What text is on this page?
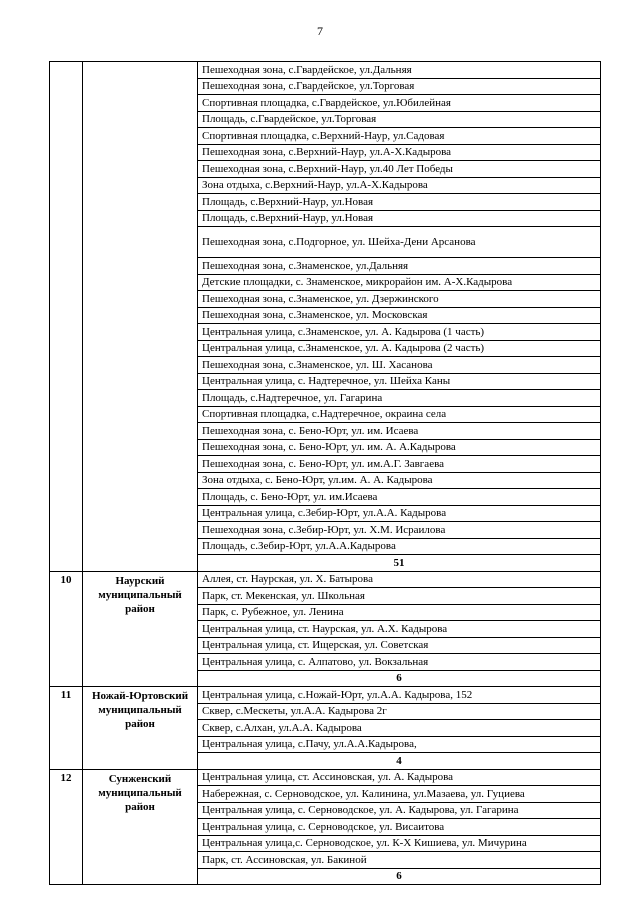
7
		Пешеходная зона, с.Гвардейское, ул.Дальняя
		Пешеходная зона, с.Гвардейское, ул.Торговая
		Спортивная площадка, с.Гвардейское, ул.Юбилейная
		Площадь, с.Гвардейское, ул.Торговая
		Спортивная площадка, с.Верхний-Наур, ул.Садовая
		Пешеходная зона, с.Верхний-Наур, ул.А-Х.Кадырова
		Пешеходная зона, с.Верхний-Наур, ул.40 Лет Победы
		Зона отдыха, с.Верхний-Наур, ул.А-Х.Кадырова
		Площадь, с.Верхний-Наур, ул.Новая
		Площадь, с.Верхний-Наур, ул.Новая
		Пешеходная зона, с.Подгорное, ул. Шейха-Дени Арсанова
		Пешеходная зона, с.Знаменское, ул.Дальняя
		Детские площадки, с. Знаменское, микрорайон им. А-Х.Кадырова
		Пешеходная зона, с.Знаменское, ул. Дзержинского
		Пешеходная зона, с.Знаменское, ул. Московская
		Центральная улица, с.Знаменское, ул. А. Кадырова (1 часть)
		Центральная улица, с.Знаменское, ул. А. Кадырова (2 часть)
		Пешеходная зона, с.Знаменское, ул. Ш. Хасанова
		Центральная улица, с. Надтеречное, ул. Шейха Каны
		Площадь, с.Надтеречное, ул. Гагарина
		Спортивная площадка, с.Надтеречное, окраина села
		Пешеходная зона, с. Бено-Юрт, ул. им. Исаева
		Пешеходная зона, с. Бено-Юрт, ул. им. А. А.Кадырова
		Пешеходная зона, с. Бено-Юрт, ул. им.А.Г. Завгаева
		Зона отдыха, с. Бено-Юрт, ул.им. А. А. Кадырова
		Площадь, с. Бено-Юрт, ул. им.Исаева
		Центральная улица, с.Зебир-Юрт, ул.А.А. Кадырова
		Пешеходная зона, с.Зебир-Юрт, ул. Х.М. Исраилова
		Площадь, с.Зебир-Юрт, ул.А.А.Кадырова
		51
10	Наурский муниципальный район	Аллея, ст. Наурская, ул. Х. Батырова
		Парк, ст. Мекенская, ул. Школьная
		Парк, с. Рубежное, ул. Ленина
		Центральная улица, ст. Наурская, ул. А.Х. Кадырова
		Центральная улица, ст. Ищерская, ул. Советская
		Центральная улица, с. Алпатово, ул. Вокзальная
		6
11	Ножай-Юртовский муниципальный район	Центральная улица, с.Ножай-Юрт, ул.А.А. Кадырова, 152
		Сквер, с.Мескеты, ул.А.А. Кадырова 2г
		Сквер, с.Алхан, ул.А.А. Кадырова
		Центральная улица, с.Пачу, ул.А.А.Кадырова,
		4
12	Сунженский муниципальный район	Центральная улица, ст. Ассиновская, ул. А. Кадырова
		Набережная, с. Серноводское, ул. Калинина, ул.Мазаева, ул. Гуциева
		Центральная улица, с. Серноводское, ул. А. Кадырова, ул. Гагарина
		Центральная улица, с. Серноводское, ул. Висаитова
		Центральная улица,с. Серноводское, ул. К-Х Кишиева, ул. Мичурина
		Парк, ст. Ассиновская, ул. Бакиной
		6
